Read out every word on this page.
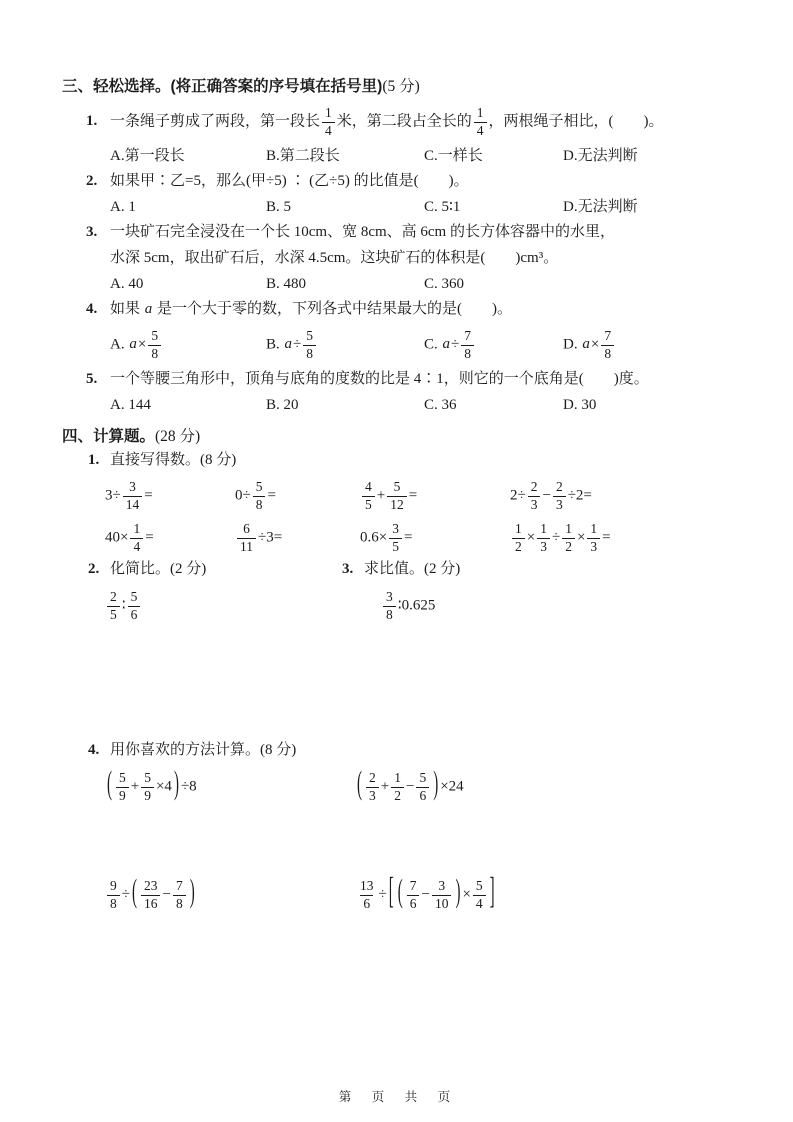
三、轻松选择。(将正确答案的序号填在括号里)(5 分)
1. 一条绳子剪成了两段，第一段长 $\frac{1}{4}$ 米，第二段占全长的 $\frac{1}{4}$ ，两根绳子相比，(　　)。
A.第一段长	B.第二段长	C.一样长	D.无法判断
2. 如果甲∶乙=5，那么(甲÷5) ∶ (乙÷5) 的比值是(　　)。
A. 1	B. 5	C. 5∶1	D.无法判断
3. 一块矿石完全浸没在一个长 10cm、宽 8cm、高 6cm 的长方体容器中的水里，
水深 5cm，取出矿石后，水深 4.5cm。这块矿石的体积是(　　)cm³。
A. 40	B. 480	C. 360
4. 如果 a 是一个大于零的数，下列各式中结果最大的是(　　)。
A. $a\times \frac{5}{8}$	B. $a\div \frac{5}{8}$	C. $a\div \frac{7}{8}$	D. $a\times \frac{7}{8}$
5. 一个等腰三角形中，顶角与底角的度数的比是 4∶1，则它的一个底角是(　　)度。
A. 144	B. 20	C. 36	D. 30
四、计算题。(28 分)
1. 直接写得数。 (8 分)
$3\div \frac{3}{14}$ =	$0\div \frac{5}{8}$ =	$\frac{4}{5} + \frac{5}{12}$ =	$2\div \frac{2}{3} - \frac{2}{3} \div 2=$
$40\times \frac{1}{4}$ =	$\frac{6}{11} \div 3=$	$0.6\times \frac{3}{5}$ =	$\frac{1}{2} \times \frac{1}{3} \div \frac{1}{2} \times \frac{1}{3}$ =
2. 化简比。 (2 分)	3. 求比值。 (2 分)
$\frac{2}{5}$ ∶ $\frac{5}{6}$	$\frac{3}{8}$ ∶0.625
4. 用你喜欢的方法计算。 (8 分)
( $\frac{5}{9} + \frac{5}{9} \times 4$ ) ÷8	( $\frac{2}{3} + \frac{1}{2} - \frac{5}{6}$ ) ×24
$\frac{9}{8}$ ÷ ( $\frac{23}{16} - \frac{7}{8}$ )	$\frac{13}{6}$ ÷ [ ( $\frac{7}{6} - \frac{3}{10}$ ) × $\frac{5}{4}$ ]
第　页　共　页
